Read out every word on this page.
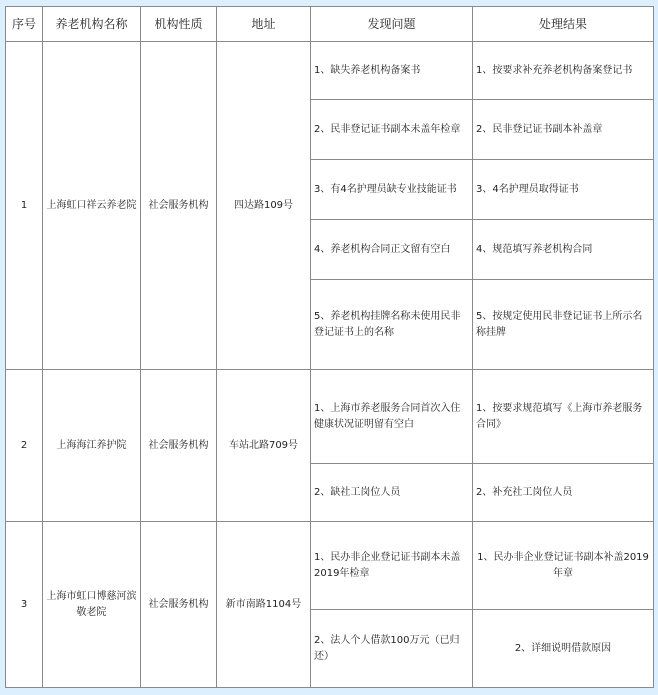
序号	养老机构名称	机构性质	地址	发现问题	处理结果
1	上海虹口祥云养老院	社会服务机构	四达路109号	1、缺失养老机构备案书	1、按要求补充养老机构备案登记书
				2、民非登记证书副本未盖年检章	2、民非登记证书副本补盖章
				3、有4名护理员缺专业技能证书	3、4名护理员取得证书
				4、养老机构合同正文留有空白	4、规范填写养老机构合同
				5、养老机构挂牌名称未使用民非登记证书上的名称	5、按规定使用民非登记证书上所示名称挂牌
2	上海海江养护院	社会服务机构	车站北路709号	1、上海市养老服务合同首次入住健康状况证明留有空白	1、按要求规范填写《上海市养老服务合同》
				2、缺社工岗位人员	2、补充社工岗位人员
3	上海市虹口博慈河滨敬老院	社会服务机构	新市南路1104号	1、民办非企业登记证书副本未盖2019年检章	1、民办非企业登记证书副本补盖2019年章
				2、法人个人借款100万元（已归还）	2、详细说明借款原因
